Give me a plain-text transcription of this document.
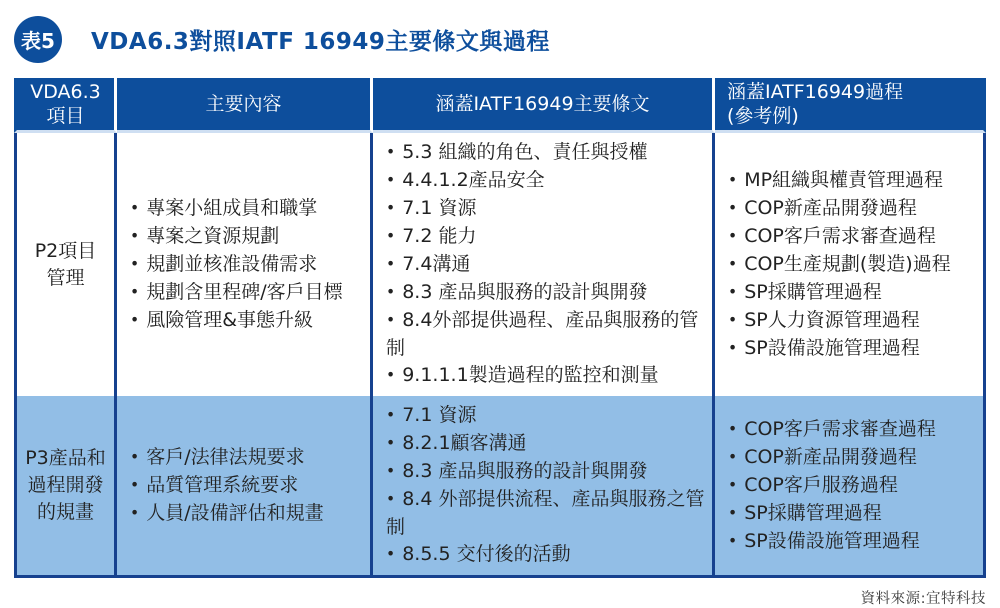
表5 VDA6.3對照IATF 16949主要條文與過程
VDA6.3
項目

主要內容	涵蓋IATF16949主要條文

涵蓋IATF16949過程
(參考例)

P2項目
管理

• 專案小組成員和職掌
• 專案之資源規劃
• 規劃並核准設備需求
• 規劃含里程碑/客戶目標
• 風險管理&事態升級

• 5.3 組織的角色、責任與授權
• 4.4.1.2產品安全
• 7.1 資源
• 7.2 能力
• 7.4溝通
• 8.3 產品與服務的設計與開發
• 8.4外部提供過程、產品與服務的管制
• 9.1.1.1製造過程的監控和測量

• MP組織與權責管理過程
• COP新產品開發過程
• COP客戶需求審查過程
• COP生產規劃(製造)過程
• SP採購管理過程
• SP人力資源管理過程
• SP設備設施管理過程

P3產品和
過程開發
的規畫

• 客戶/法律法規要求
• 品質管理系統要求
• 人員/設備評估和規畫

• 7.1 資源
• 8.2.1顧客溝通
• 8.3 產品與服務的設計與開發
• 8.4 外部提供流程、產品與服務之管制
• 8.5.5 交付後的活動

• COP客戶需求審查過程
• COP新產品開發過程
• COP客戶服務過程
• SP採購管理過程
• SP設備設施管理過程
資料來源:宜特科技
